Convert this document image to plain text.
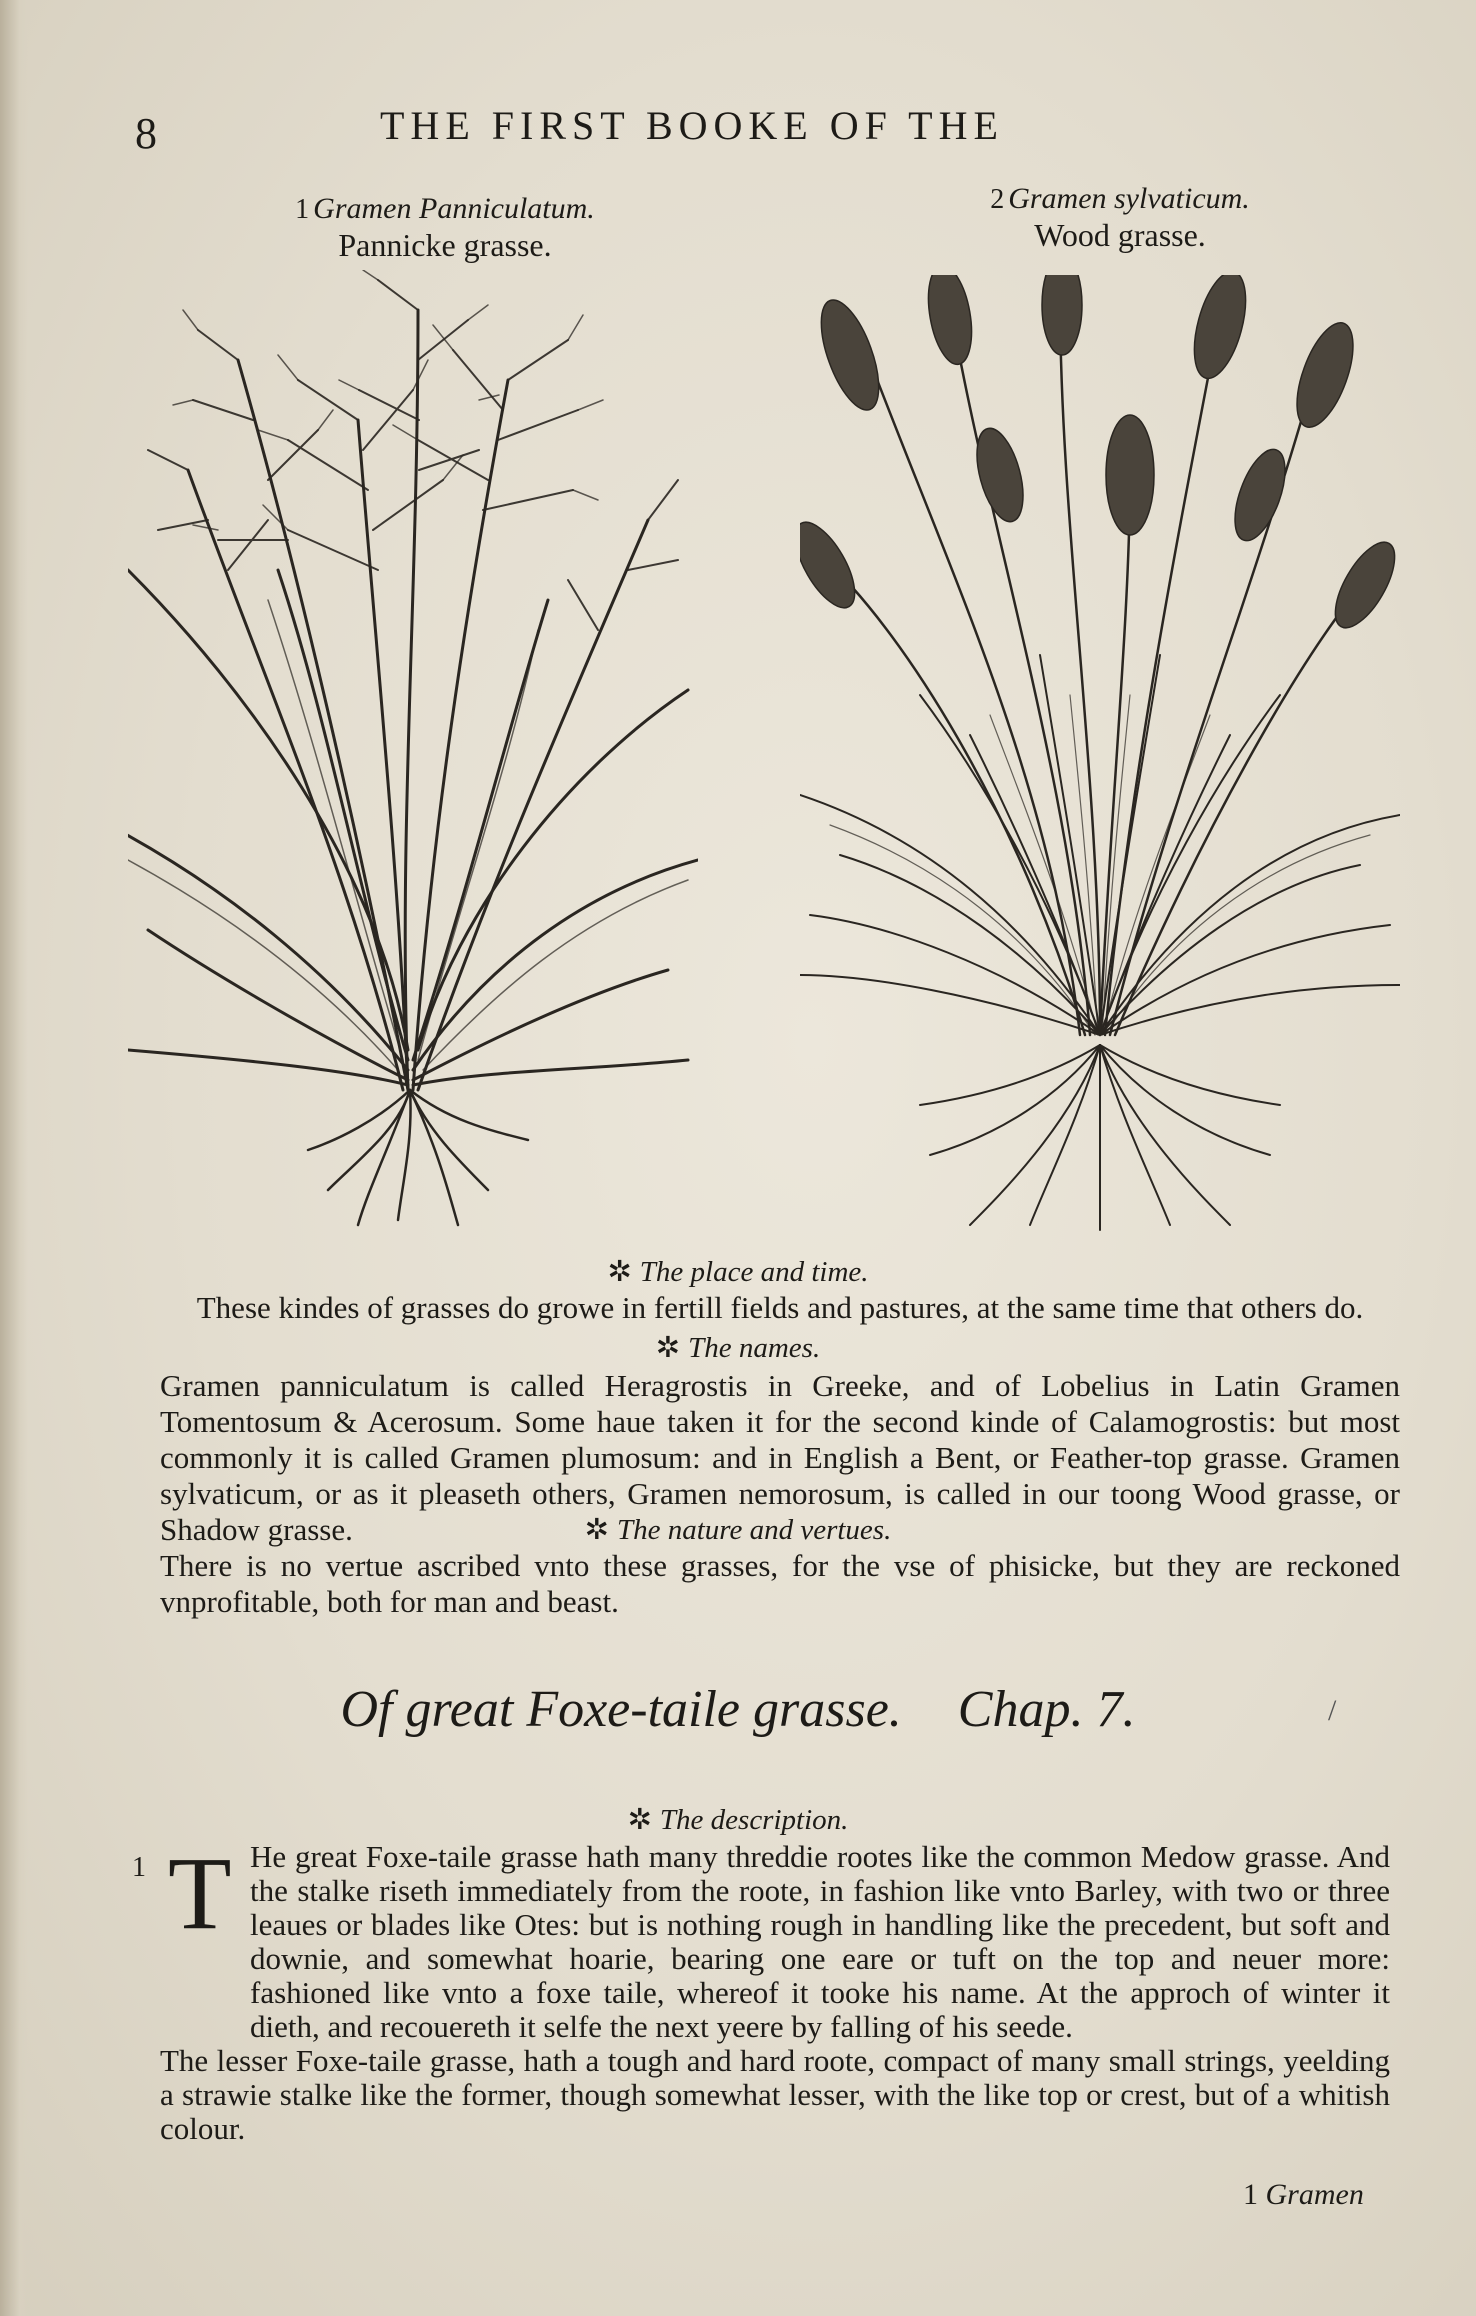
8	THE FIRST BOOKE OF THE
1 Gramen Panniculatum.
Pannicke grasse.
2 Gramen sylvaticum.
Wood grasse.
✲ The place and time.
These kindes of grasses do growe in fertill fields and pastures, at the same time that others do.
✲ The names.
Gramen panniculatum is called Heragrostis in Greeke, and of Lobelius in Latin Gramen Tomentosum & Acerosum. Some haue taken it for the second kinde of Calamogrostis: but most commonly it is called Gramen plumosum: and in English a Bent, or Feather-top grasse. Gramen sylvaticum, or as it pleaseth others, Gramen nemorosum, is called in our toong Wood grasse, or Shadow grasse.	✲ The nature and vertues.
There is no vertue ascribed vnto these grasses, for the vse of phisicke, but they are reckoned vnprofitable, both for man and beast.
Of great Foxe-taile grasse. Chap. 7.	/
✲ The description.
1 T He great Foxe-taile grasse hath many threddie rootes like the common Medow grasse. And the stalke riseth immediately from the roote, in fashion like vnto Barley, with two or three leaues or blades like Otes: but is nothing rough in handling like the precedent, but soft and downie, and somewhat hoarie, bearing one eare or tuft on the top and neuer more: fashioned like vnto a foxe taile, whereof it tooke his name. At the approch of winter it dieth, and recouereth it selfe the next yeere by falling of his seede.
The lesser Foxe-taile grasse, hath a tough and hard roote, compact of many small strings, yeelding a strawie stalke like the former, though somewhat lesser, with the like top or crest, but of a whitish colour.
1 Gramen
